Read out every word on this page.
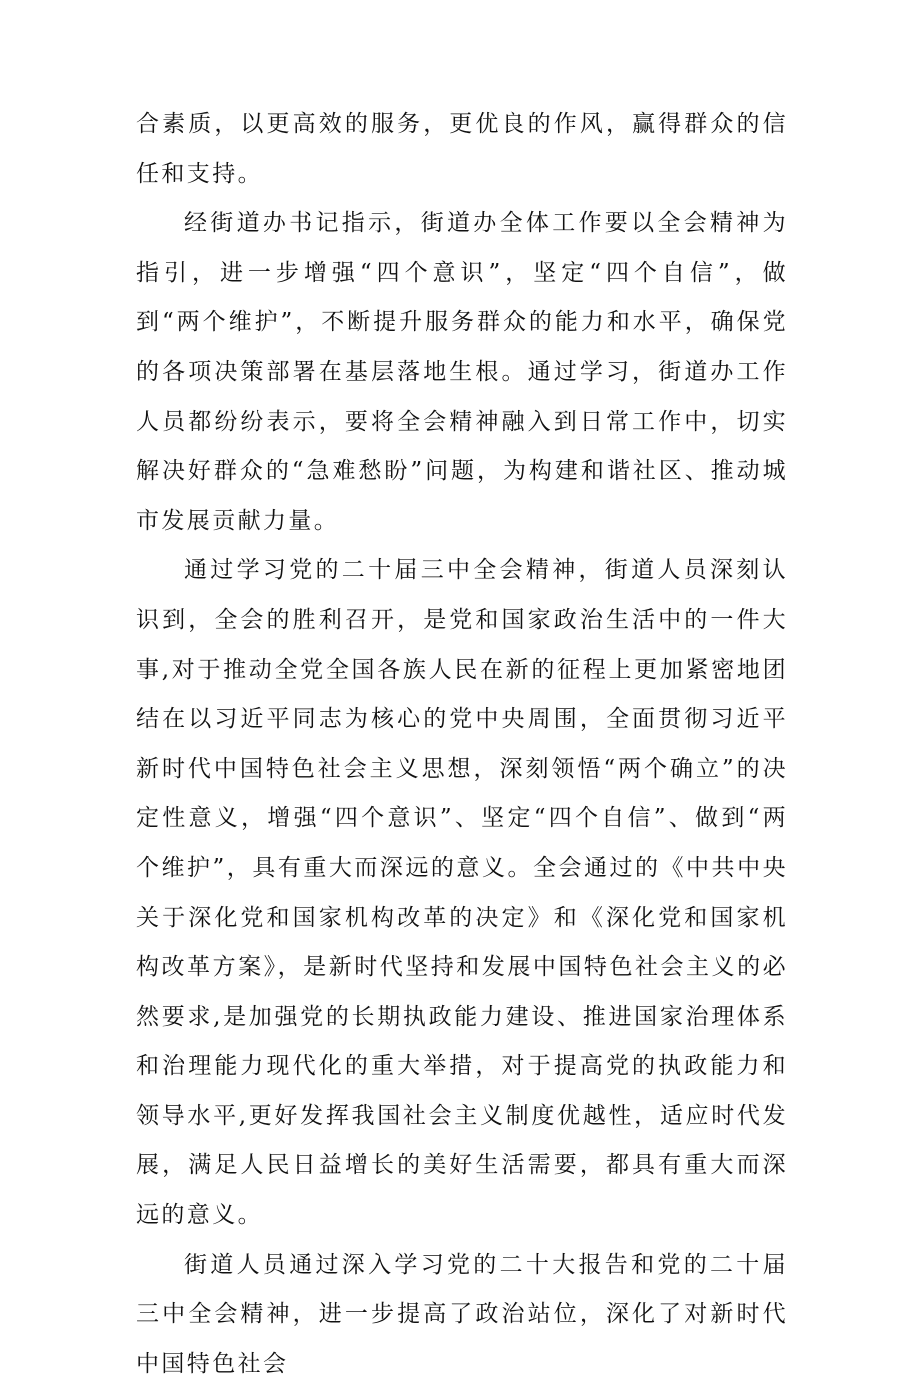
合素质，以更高效的服务，更优良的作风，赢得群众的信任和支持。

经街道办书记指示，街道办全体工作要以全会精神为指引，进一步增强“四个意识”，坚定“四个自信”，做到“两个维护”，不断提升服务群众的能力和水平，确保党的各项决策部署在基层落地生根。通过学习，街道办工作人员都纷纷表示，要将全会精神融入到日常工作中，切实解决好群众的“急难愁盼”问题，为构建和谐社区、推动城市发展贡献力量。

通过学习党的二十届三中全会精神，街道人员深刻认识到，全会的胜利召开，是党和国家政治生活中的一件大事,对于推动全党全国各族人民在新的征程上更加紧密地团结在以习近平同志为核心的党中央周围，全面贯彻习近平新时代中国特色社会主义思想，深刻领悟“两个确立”的决定性意义，增强“四个意识”、坚定“四个自信”、做到“两个维护”，具有重大而深远的意义。全会通过的《中共中央关于深化党和国家机构改革的决定》和《深化党和国家机构改革方案》，是新时代坚持和发展中国特色社会主义的必然要求,是加强党的长期执政能力建设、推进国家治理体系和治理能力现代化的重大举措，对于提高党的执政能力和领导水平,更好发挥我国社会主义制度优越性，适应时代发展，满足人民日益增长的美好生活需要，都具有重大而深远的意义。

街道人员通过深入学习党的二十大报告和党的二十届三中全会精神，进一步提高了政治站位，深化了对新时代中国特色社会
